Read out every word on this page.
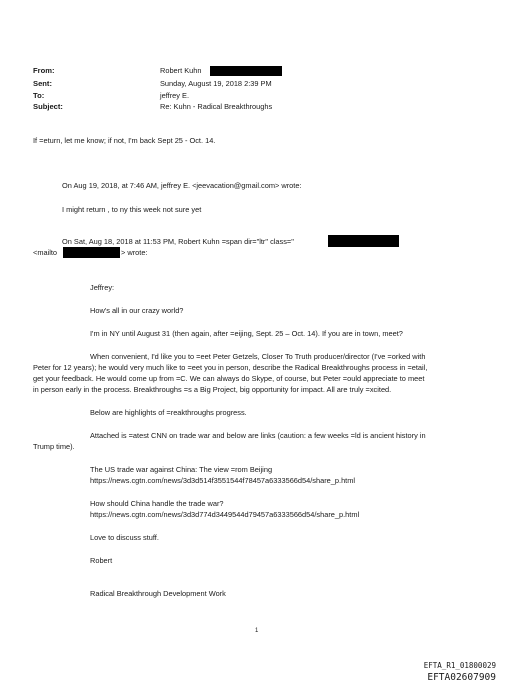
From:	Robert Kuhn
Sent:	Sunday, August 19, 2018 2:39 PM
To:	jeffrey E.
Subject:	Re: Kuhn - Radical Breakthroughs
If =eturn, let me know; if not, I'm back Sept 25 - Oct. 14.
On Aug 19, 2018, at 7:46 AM, jeffrey E. <jeevacation@gmail.com> wrote:
I might return , to ny this week not sure yet
On Sat, Aug 18, 2018 at 11:53 PM, Robert Kuhn =span dir="ltr" class="
<mailto	> wrote:
Jeffrey:
How's all in our crazy world?
I'm in NY until August 31 (then again, after =eijing, Sept. 25 – Oct. 14). If you are in town, meet?
When convenient, I'd like you to =eet Peter Getzels, Closer To Truth producer/director (I've =orked with
Peter for 12 years); he would very much like to =eet you in person, describe the Radical Breakthroughs process in =etail,
get your feedback. He would come up from =C. We can always do Skype, of course, but Peter =ould appreciate to meet
in person early in the process. Breakthroughs =s a Big Project, big opportunity for impact. All are truly =xcited.
Below are highlights of =reakthroughs progress.
Attached is =atest CNN on trade war and below are links (caution: a few weeks =ld is ancient history in
Trump time).
The US trade war against China: The view =rom Beijing
https://news.cgtn.com/news/3d3d514f3551544f78457a6333566d54/share_p.html
How should China handle the trade war?
https://news.cgtn.com/news/3d3d774d3449544d79457a6333566d54/share_p.html
Love to discuss stuff.
Robert
Radical Breakthrough Development Work
1
EFTA_R1_01800029
EFTA02607909
